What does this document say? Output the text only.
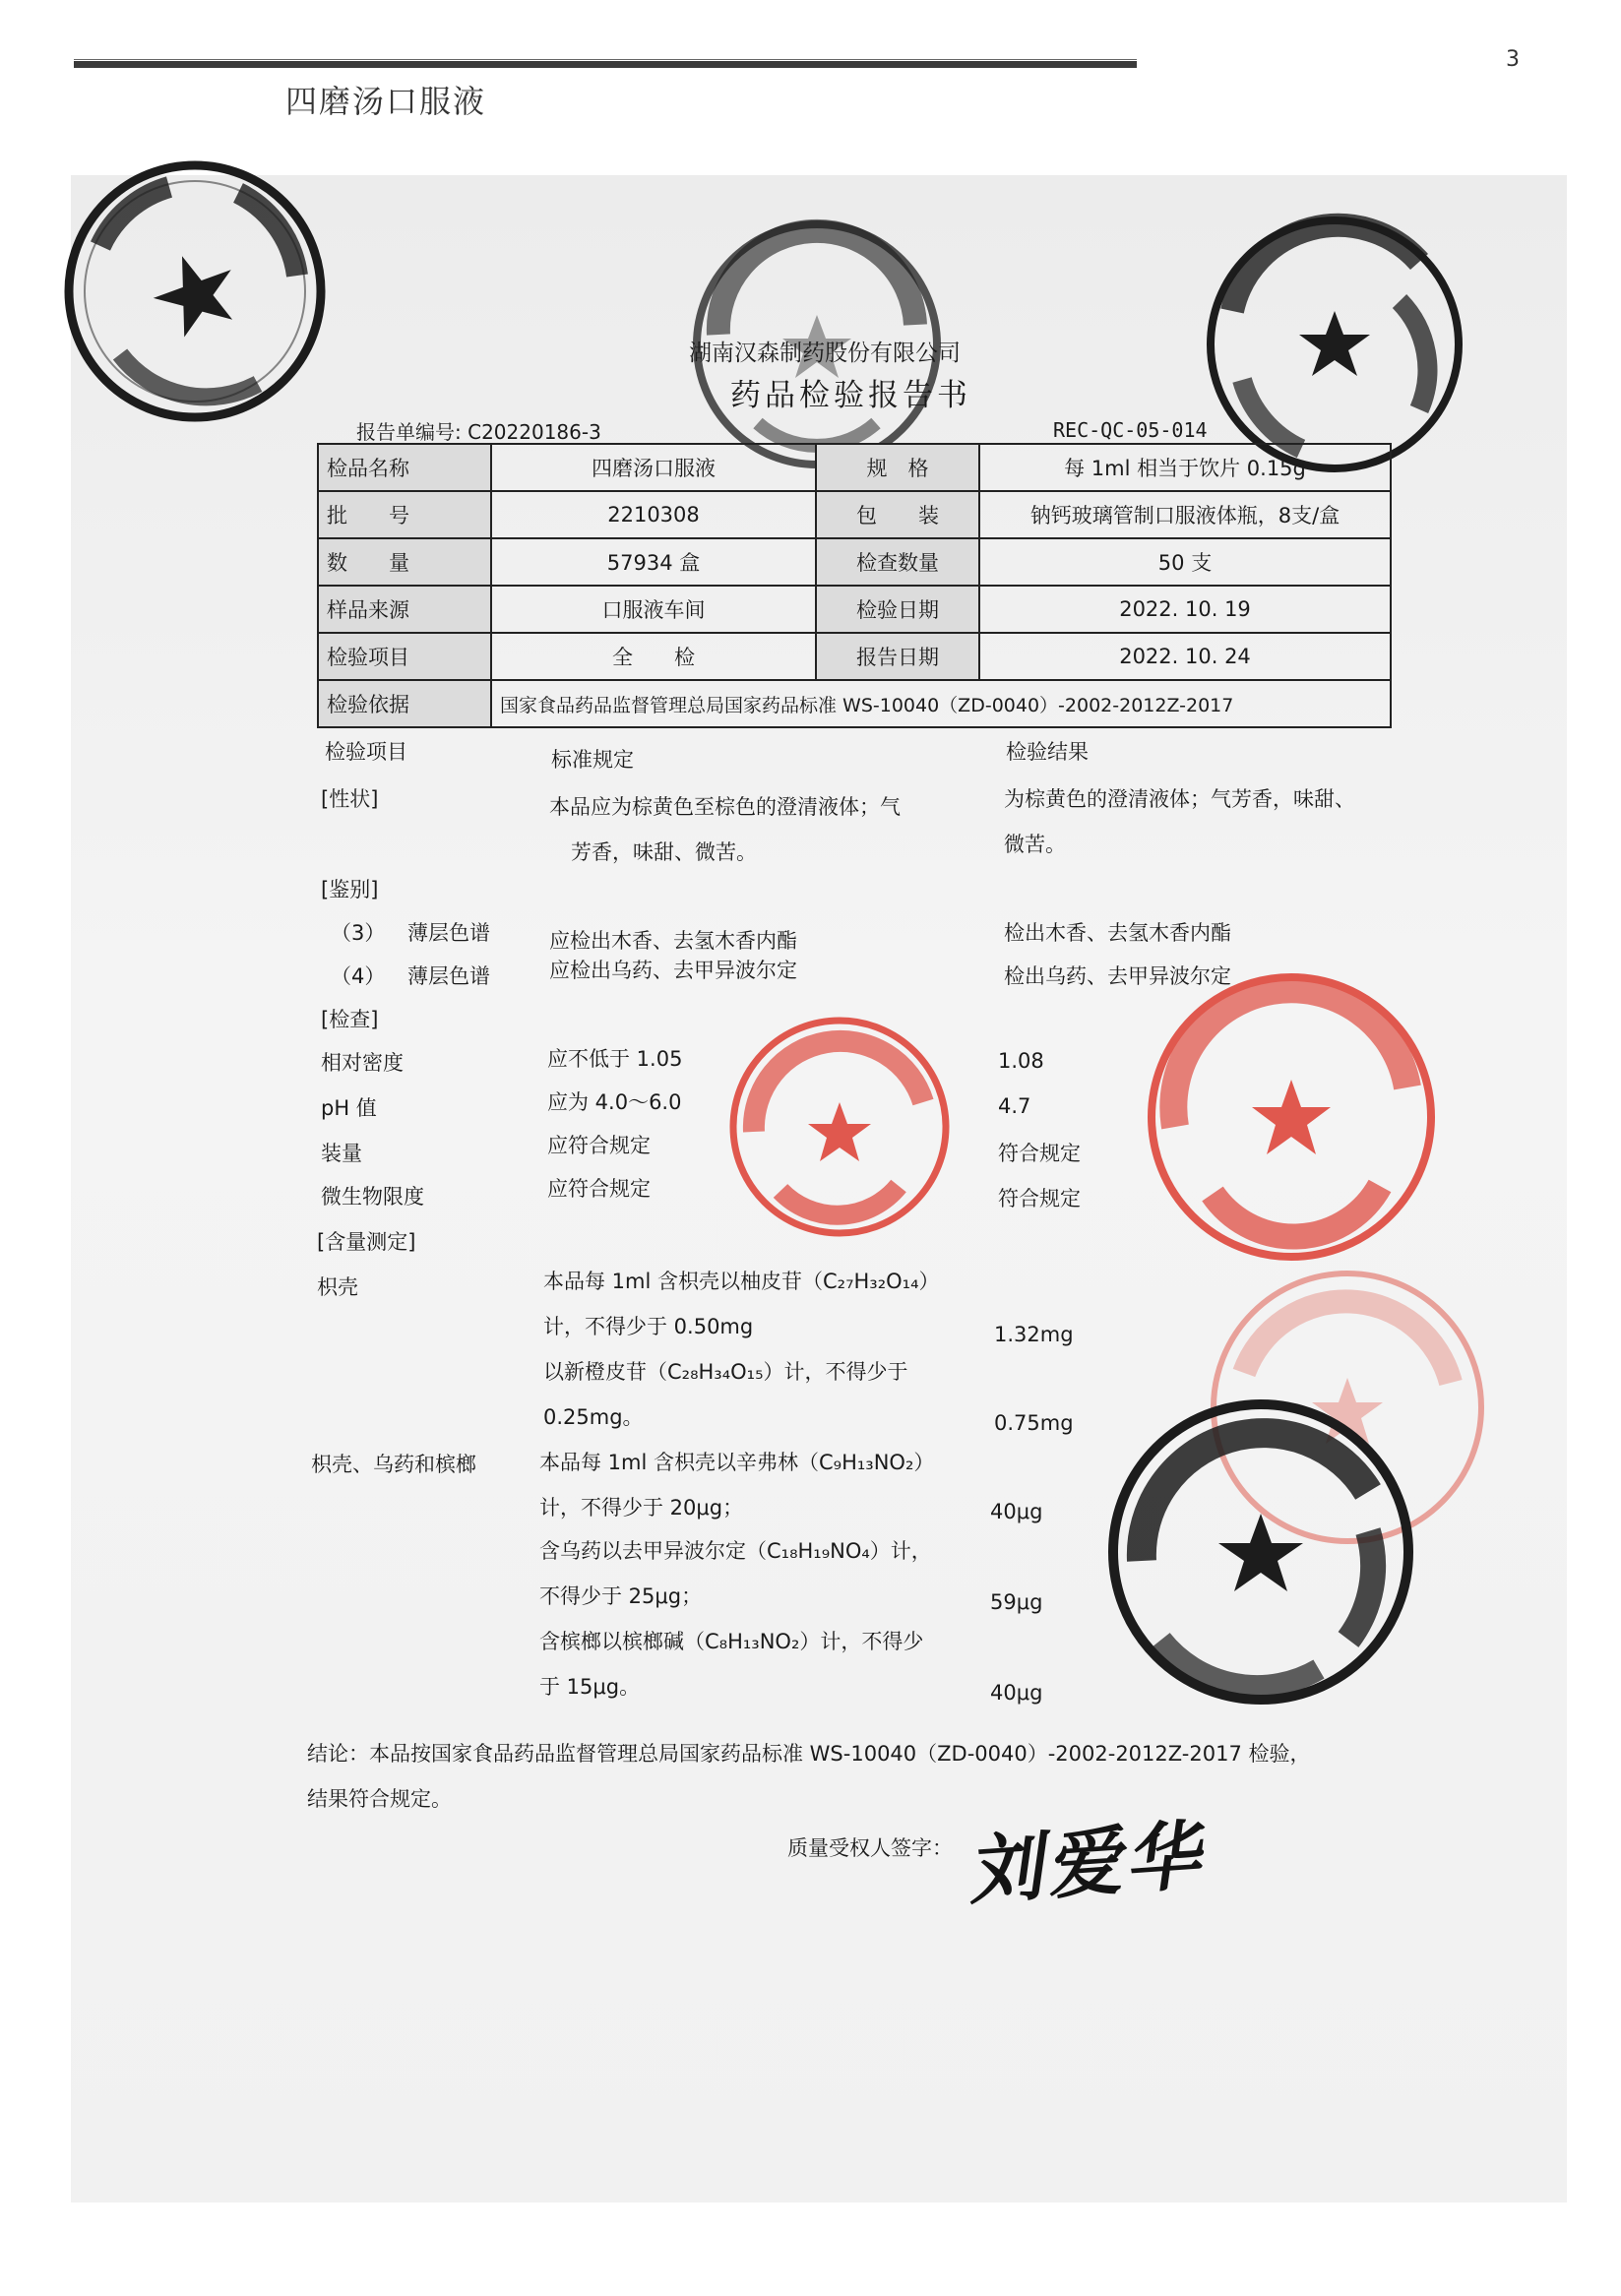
3
四磨汤口服液
湖南汉森制药股份有限公司
药品检验报告书
报告单编号: C20220186-3	REC-QC-05-014
检品名称	四磨汤口服液	规　格	每 1ml 相当于饮片 0.15g
批　　号	2210308	包　　装	钠钙玻璃管制口服液体瓶，8支/盒
数　　量	57934 盒	检查数量	50 支
样品来源	口服液车间	检验日期	2022. 10. 19
检验项目	全　　检	报告日期	2022. 10. 24
检验依据	国家食品药品监督管理总局国家药品标准 WS-10040（ZD-0040）-2002-2012Z-2017		
检验项目	标准规定	检验结果
[性状]	本品应为棕黄色至棕色的澄清液体；气
芳香，味甜、微苦。
为棕黄色的澄清液体；气芳香，味甜、
微苦。
[鉴别]
（3） 薄层色谱	应检出木香、去氢木香内酯	检出木香、去氢木香内酯
（4） 薄层色谱	应检出乌药、去甲异波尔定	检出乌药、去甲异波尔定
[检查]
相对密度	应不低于 1.05	1.08
pH 值	应为 4.0～6.0	4.7
装量	应符合规定	符合规定
微生物限度	应符合规定	符合规定
[含量测定]
枳壳	本品每 1ml 含枳壳以柚皮苷（C₂₇H₃₂O₁₄）
计，不得少于 0.50mg	1.32mg
以新橙皮苷（C₂₈H₃₄O₁₅）计，不得少于
0.25mg。	0.75mg
枳壳、乌药和槟榔	本品每 1ml 含枳壳以辛弗林（C₉H₁₃NO₂）
计，不得少于 20μg；	40μg
含乌药以去甲异波尔定（C₁₈H₁₉NO₄）计，
不得少于 25μg；	59μg
含槟榔以槟榔碱（C₈H₁₃NO₂）计，不得少
于 15μg。	40μg
结论：本品按国家食品药品监督管理总局国家药品标准 WS-10040（ZD-0040）-2002-2012Z-2017 检验，
结果符合规定。
质量受权人签字： 刘爱华
